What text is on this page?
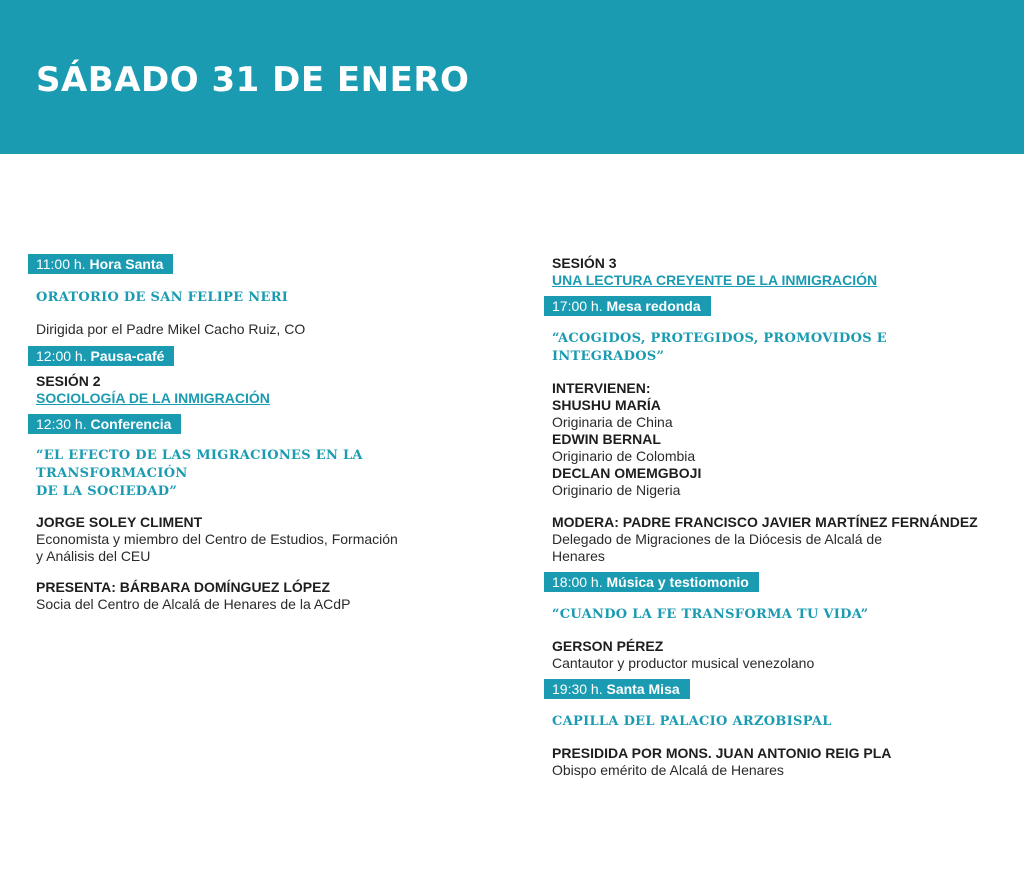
SÁBADO 31 DE ENERO
11:00 h. Hora Santa
ORATORIO DE SAN FELIPE NERI
Dirigida por el Padre Mikel Cacho Ruiz, CO
12:00 h. Pausa-café
SESIÓN 2
SOCIOLOGÍA DE LA INMIGRACIÓN
12:30 h. Conferencia
“EL EFECTO DE LAS MIGRACIONES EN LA TRANSFORMACIÓN
DE LA SOCIEDAD”
JORGE SOLEY CLIMENT
Economista y miembro del Centro de Estudios, Formación
y Análisis del CEU
PRESENTA: BÁRBARA DOMÍNGUEZ LÓPEZ
Socia del Centro de Alcalá de Henares de la ACdP
SESIÓN 3
UNA LECTURA CREYENTE DE LA INMIGRACIÓN
17:00 h. Mesa redonda
“ACOGIDOS, PROTEGIDOS, PROMOVIDOS E INTEGRADOS”
INTERVIENEN:
SHUSHU MARÍA
Originaria de China
EDWIN BERNAL
Originario de Colombia
DECLAN OMEMGBOJI
Originario de Nigeria
MODERA: PADRE FRANCISCO JAVIER MARTÍNEZ FERNÁNDEZ
Delegado de Migraciones de la Diócesis de Alcalá de
Henares
18:00 h. Música y testiomonio
“CUANDO LA FE TRANSFORMA TU VIDA”
GERSON PÉREZ
Cantautor y productor musical venezolano
19:30 h. Santa Misa
CAPILLA DEL PALACIO ARZOBISPAL
PRESIDIDA POR MONS. JUAN ANTONIO REIG PLA
Obispo emérito de Alcalá de Henares
